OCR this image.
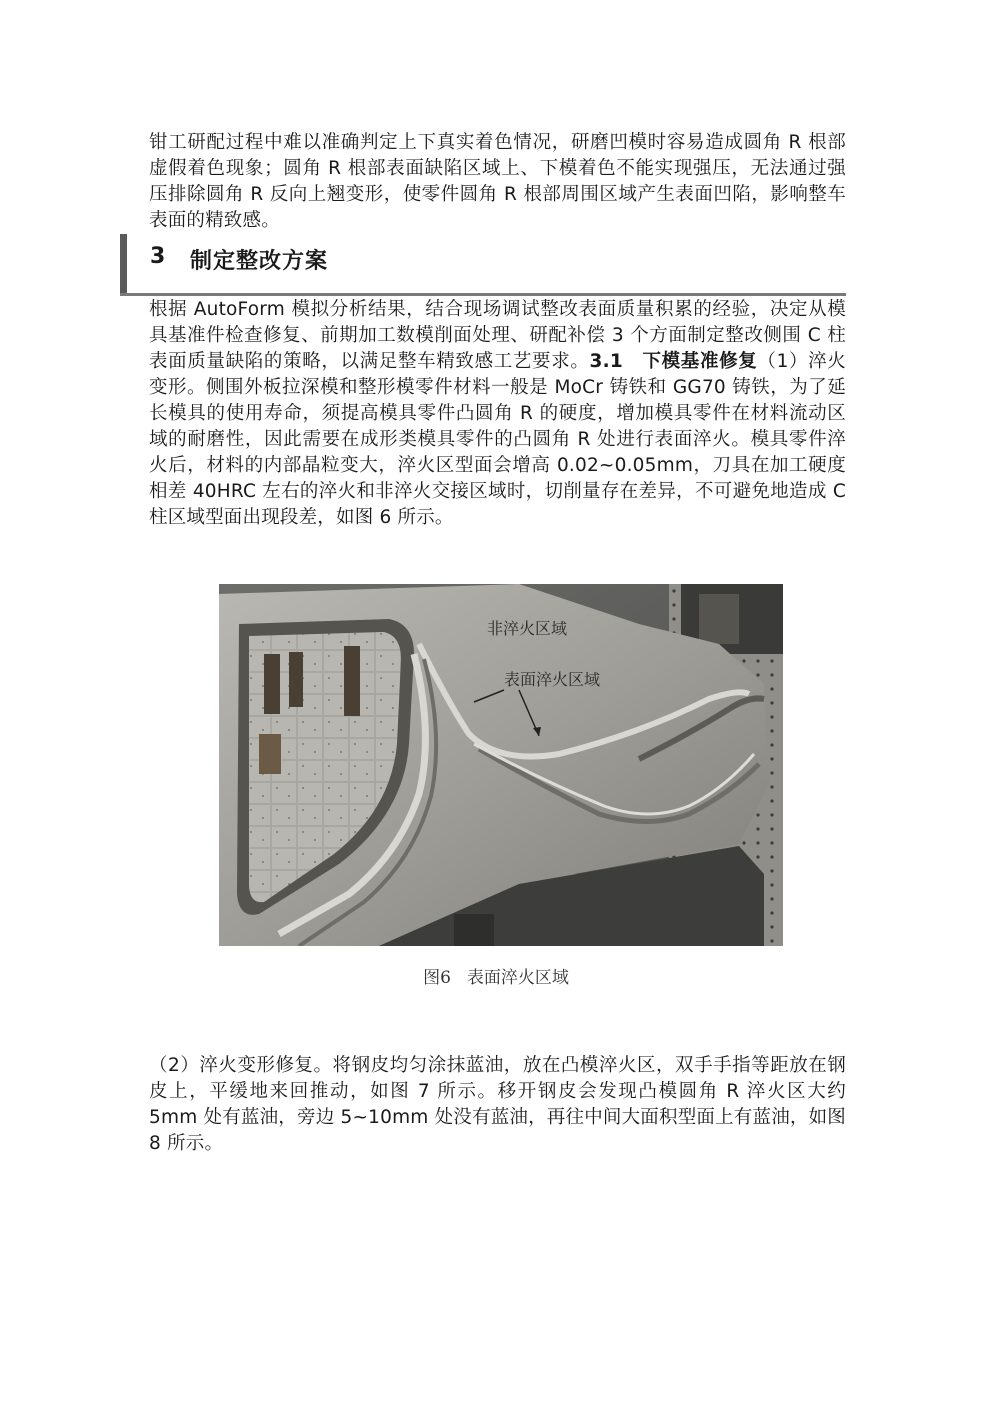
钳工研配过程中难以准确判定上下真实着色情况，研磨凹模时容易造成圆角 R 根部虚假着色现象；圆角 R 根部表面缺陷区域上、下模着色不能实现强压，无法通过强压排除圆角 R 反向上翘变形，使零件圆角 R 根部周围区域产生表面凹陷，影响整车表面的精致感。

3 制定整改方案

根据 AutoForm 模拟分析结果，结合现场调试整改表面质量积累的经验，决定从模具基准件检查修复、前期加工数模削面处理、研配补偿 3 个方面制定整改侧围 C 柱表面质量缺陷的策略，以满足整车精致感工艺要求。3.1　下模基准修复（1）淬火变形。侧围外板拉深模和整形模零件材料一般是 MoCr 铸铁和 GG70 铸铁，为了延长模具的使用寿命，须提高模具零件凸圆角 R 的硬度，增加模具零件在材料流动区域的耐磨性，因此需要在成形类模具零件的凸圆角 R 处进行表面淬火。模具零件淬火后，材料的内部晶粒变大，淬火区型面会增高 0.02~0.05mm，刀具在加工硬度相差 40HRC 左右的淬火和非淬火交接区域时，切削量存在差异，不可避免地造成 C 柱区域型面出现段差，如图 6 所示。

非淬火区域
表面淬火区域
图6 表面淬火区域

（2）淬火变形修复。将钢皮均匀涂抹蓝油，放在凸模淬火区，双手手指等距放在钢皮上，平缓地来回推动，如图 7 所示。移开钢皮会发现凸模圆角 R 淬火区大约 5mm 处有蓝油，旁边 5~10mm 处没有蓝油，再往中间大面积型面上有蓝油，如图 8 所示。
